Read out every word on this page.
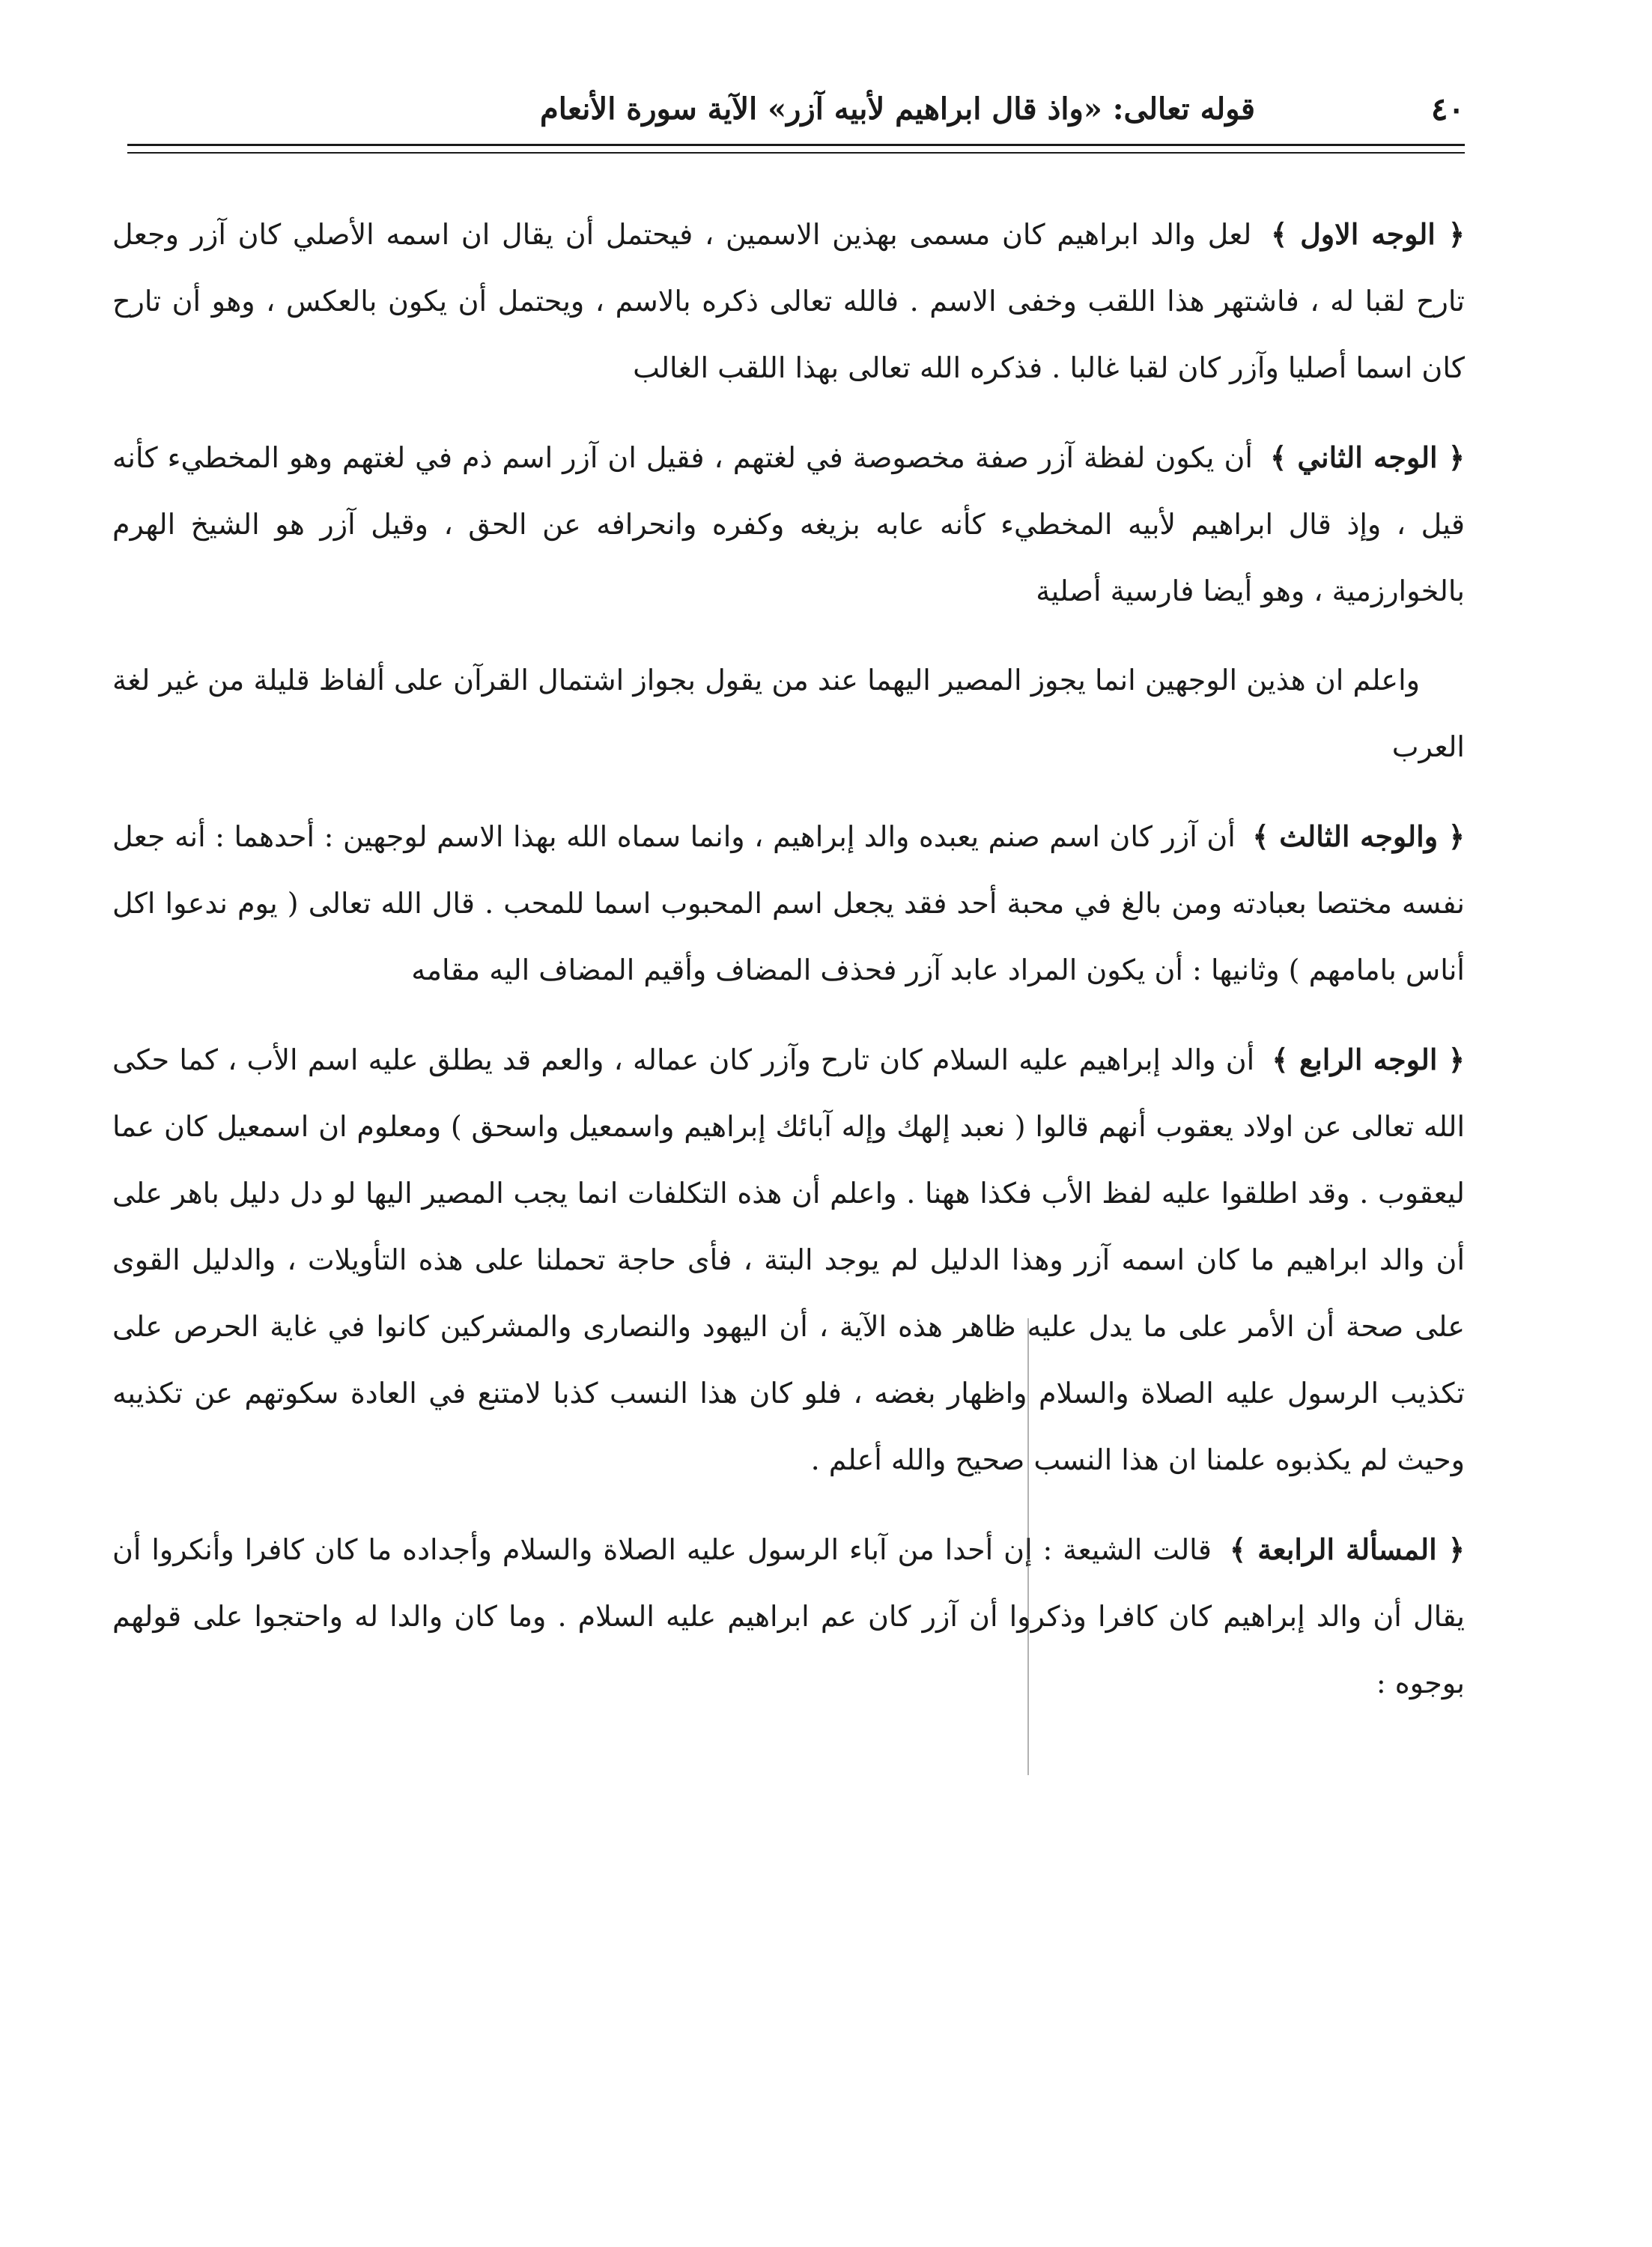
٤٠
قوله تعالى: «واذ قال ابراهيم لأبيه آزر» الآية سورة الأنعام

﴿ الوجه الاول ﴾ لعل والد ابراهيم كان مسمى بهذين الاسمين ، فيحتمل أن يقال ان اسمه الأصلي كان آزر وجعل تارح لقبا له ، فاشتهر هذا اللقب وخفى الاسم . فالله تعالى ذكره بالاسم ، ويحتمل أن يكون بالعكس ، وهو أن تارح كان اسما أصليا وآزر كان لقبا غالبا . فذكره الله تعالى بهذا اللقب الغالب

﴿ الوجه الثاني ﴾ أن يكون لفظة آزر صفة مخصوصة في لغتهم ، فقيل ان آزر اسم ذم في لغتهم وهو المخطيء كأنه قيل ، وإذ قال ابراهيم لأبيه المخطيء كأنه عابه بزيغه وكفره وانحرافه عن الحق ، وقيل آزر هو الشيخ الهرم بالخوارزمية ، وهو أيضا فارسية أصلية

واعلم ان هذين الوجهين انما يجوز المصير اليهما عند من يقول بجواز اشتمال القرآن على ألفاظ قليلة من غير لغة العرب

﴿ والوجه الثالث ﴾ أن آزر كان اسم صنم يعبده والد إبراهيم ، وانما سماه الله بهذا الاسم لوجهين : أحدهما : أنه جعل نفسه مختصا بعبادته ومن بالغ في محبة أحد فقد يجعل اسم المحبوب اسما للمحب . قال الله تعالى ( يوم ندعوا اكل أناس بامامهم ) وثانيها : أن يكون المراد عابد آزر فحذف المضاف وأقيم المضاف اليه مقامه

﴿ الوجه الرابع ﴾ أن والد إبراهيم عليه السلام كان تارح وآزر كان عماله ، والعم قد يطلق عليه اسم الأب ، كما حكى الله تعالى عن اولاد يعقوب أنهم قالوا ( نعبد إلهك وإله آبائك إبراهيم واسمعيل واسحق ) ومعلوم ان اسمعيل كان عما ليعقوب . وقد اطلقوا عليه لفظ الأب فكذا ههنا . واعلم أن هذه التكلفات انما يجب المصير اليها لو دل دليل باهر على أن والد ابراهيم ما كان اسمه آزر وهذا الدليل لم يوجد البتة ، فأى حاجة تحملنا على هذه التأويلات ، والدليل القوى على صحة أن الأمر على ما يدل عليه ظاهر هذه الآية ، أن اليهود والنصارى والمشركين كانوا في غاية الحرص على تكذيب الرسول عليه الصلاة والسلام واظهار بغضه ، فلو كان هذا النسب كذبا لامتنع في العادة سكوتهم عن تكذيبه وحيث لم يكذبوه علمنا ان هذا النسب صحيح والله أعلم .

﴿ المسألة الرابعة ﴾ قالت الشيعة : إن أحدا من آباء الرسول عليه الصلاة والسلام وأجداده ما كان كافرا وأنكروا أن يقال أن والد إبراهيم كان كافرا وذكروا أن آزر كان عم ابراهيم عليه السلام . وما كان والدا له واحتجوا على قولهم بوجوه :
